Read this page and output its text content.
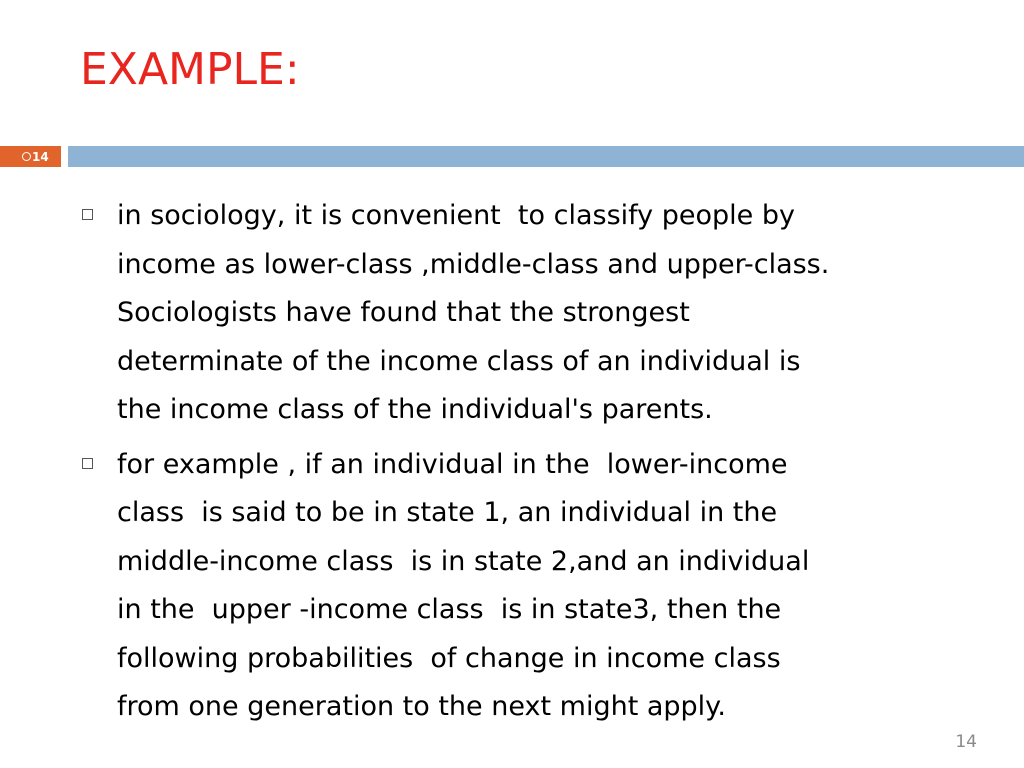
EXAMPLE:
14
in sociology, it is convenient  to classify people by
income as lower-class ,middle-class and upper-class.
Sociologists have found that the strongest
determinate of the income class of an individual is
the income class of the individual's parents.
for example , if an individual in the  lower-income
class  is said to be in state 1, an individual in the
middle-income class  is in state 2,and an individual
in the  upper -income class  is in state3, then the
following probabilities  of change in income class
from one generation to the next might apply.
14
